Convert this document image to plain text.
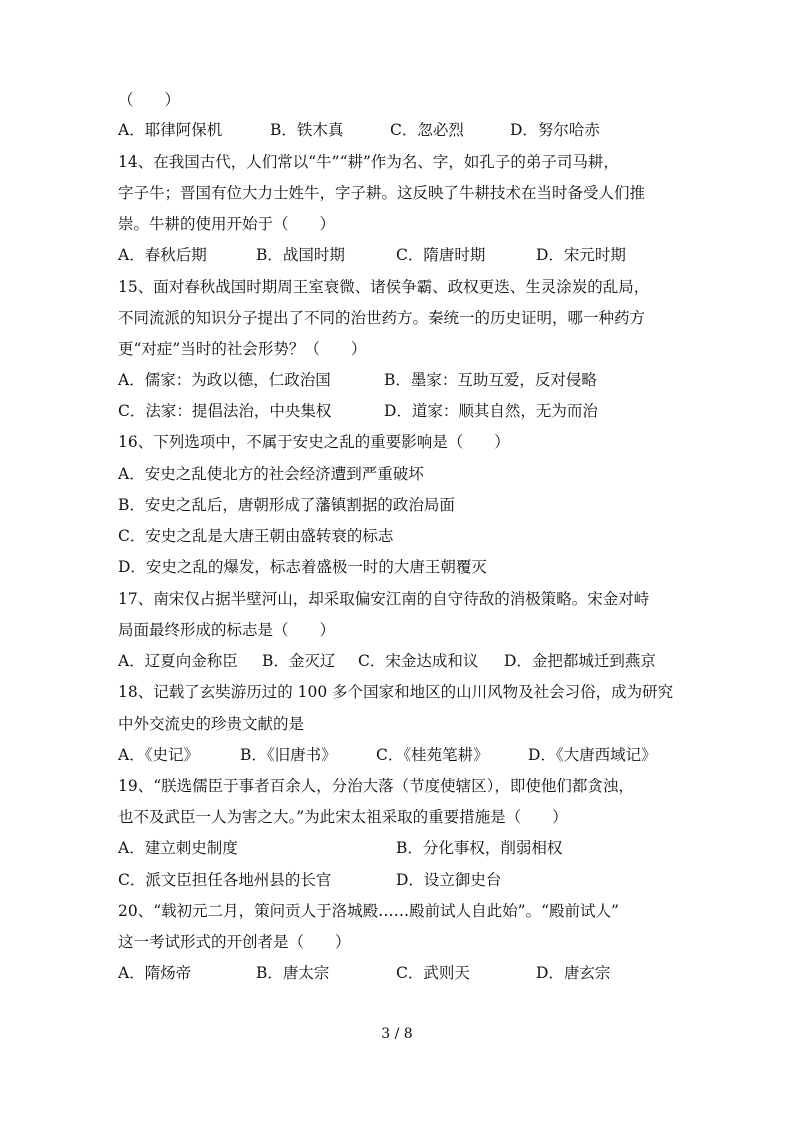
（　　）

A．耶律阿保机

	B．铁木真

	C．忽必烈

	D．努尔哈赤

14、在我国古代，人们常以“牛”“耕”作为名、字，如孔子的弟子司马耕，
字子牛；晋国有位大力士姓牛，字子耕。这反映了牛耕技术在当时备受人们推
崇。牛耕的使用开始于（　　）

A．春秋后期

	B．战国时期

	C．隋唐时期

	D．宋元时期

15、面对春秋战国时期周王室衰微、诸侯争霸、政权更迭、生灵涂炭的乱局，
不同流派的知识分子提出了不同的治世药方。秦统一的历史证明，哪一种药方
更“对症”当时的社会形势？（　　）

A．儒家：为政以德，仁政治国

	B．墨家：互助互爱，反对侵略

C．法家：提倡法治，中央集权

	D．道家：顺其自然，无为而治

16、下列选项中，不属于安史之乱的重要影响是（　　）
A．安史之乱使北方的社会经济遭到严重破坏
B．安史之乱后，唐朝形成了藩镇割据的政治局面
C．安史之乱是大唐王朝由盛转衰的标志
D．安史之乱的爆发，标志着盛极一时的大唐王朝覆灭
17、南宋仅占据半壁河山，却采取偏安江南的自守待敌的消极策略。宋金对峙
局面最终形成的标志是（　　）

A．辽夏向金称臣

B．金灭辽

C．宋金达成和议

D．金把都城迁到燕京

18、记载了玄奘游历过的 100 多个国家和地区的山川风物及社会习俗，成为研究
中外交流史的珍贵文献的是

A．《史记》

	B．《旧唐书》

	C．《桂苑笔耕》

	D．《大唐西域记》

19、“朕选儒臣于事者百余人，分治大落（节度使辖区），即使他们都贪浊，
也不及武臣一人为害之大。”为此宋太祖采取的重要措施是（　　）

A．建立刺史制度

	B．分化事权，削弱相权

C．派文臣担任各地州县的长官

	D．设立御史台

20、“载初元二月，策问贡人于洛城殿……殿前试人自此始”。“殿前试人”
这一考试形式的开创者是（　　）

A．隋炀帝

	B．唐太宗

	C．武则天

	D．唐玄宗

3 / 8
